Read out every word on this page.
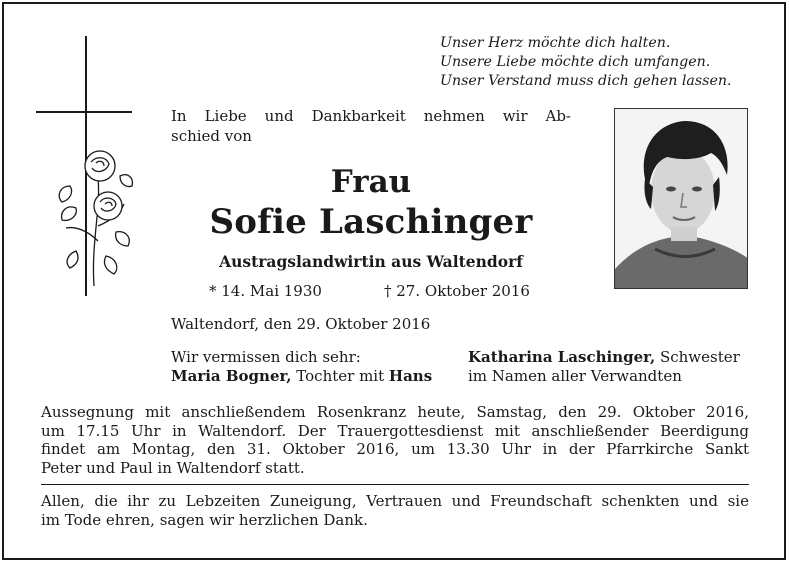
Unser Herz möchte dich halten.
Unsere Liebe möchte dich umfangen.
Unser Verstand muss dich gehen lassen.
In Liebe und Dankbarkeit nehmen wir Ab-
schied von
Frau
Sofie Laschinger
Austragslandwirtin aus Waltendorf
* 14. Mai 1930	† 27. Oktober 2016
Waltendorf, den 29. Oktober 2016
Wir vermissen dich sehr:
Maria Bogner, Tochter mit Hans
Katharina Laschinger, Schwester
im Namen aller Verwandten
Aussegnung mit anschließendem Rosenkranz heute, Samstag, den 29. Oktober 2016,
um 17.15 Uhr in Waltendorf. Der Trauergottesdienst mit anschließender Beerdigung
findet am Montag, den 31. Oktober 2016, um 13.30 Uhr in der Pfarrkirche Sankt
Peter und Paul in Waltendorf statt.
Allen, die ihr zu Lebzeiten Zuneigung, Vertrauen und Freundschaft schenkten und sie
im Tode ehren, sagen wir herzlichen Dank.
